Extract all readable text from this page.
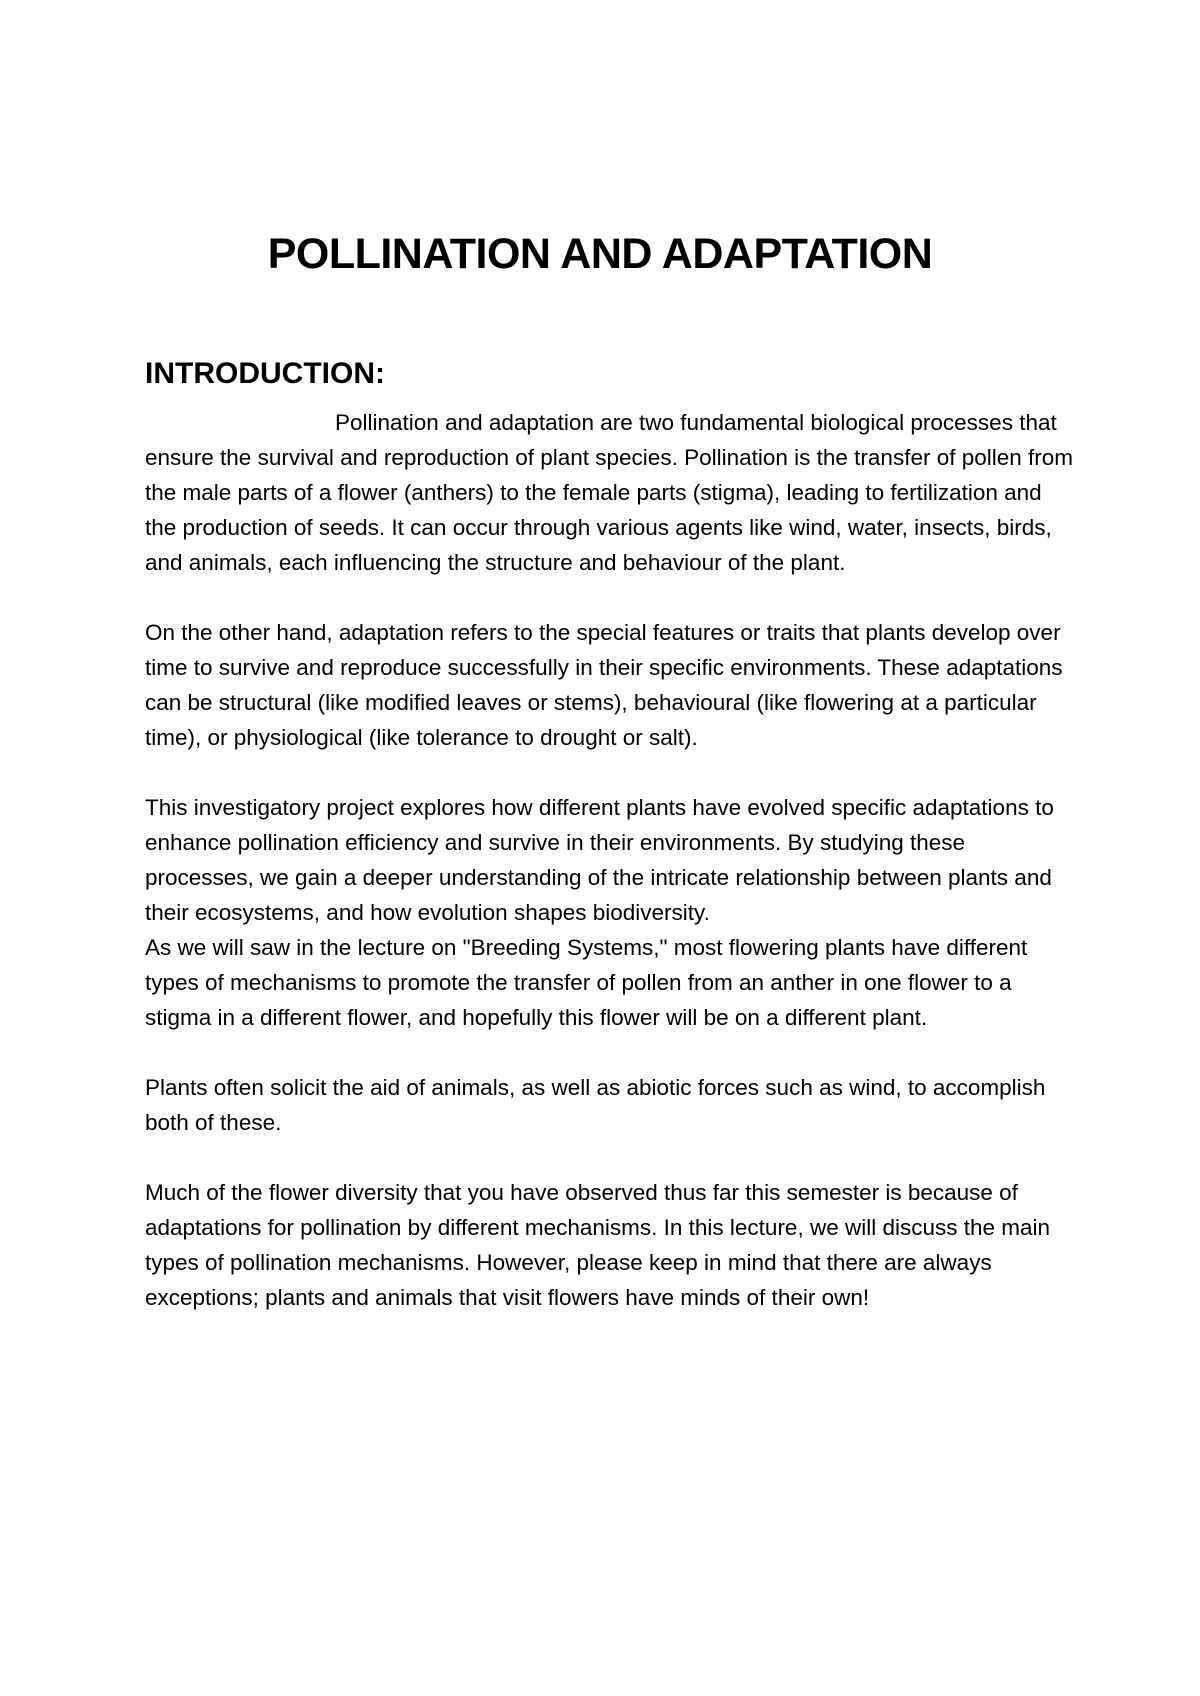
POLLINATION AND ADAPTATION
INTRODUCTION:

Pollination and adaptation are two fundamental biological processes that ensure the survival and reproduction of plant species. Pollination is the transfer of pollen from the male parts of a flower (anthers) to the female parts (stigma), leading to fertilization and the production of seeds. It can occur through various agents like wind, water, insects, birds, and animals, each influencing the structure and behaviour of the plant.

On the other hand, adaptation refers to the special features or traits that plants develop over time to survive and reproduce successfully in their specific environments. These adaptations can be structural (like modified leaves or stems), behavioural (like flowering at a particular time), or physiological (like tolerance to drought or salt).

This investigatory project explores how different plants have evolved specific adaptations to enhance pollination efficiency and survive in their environments. By studying these processes, we gain a deeper understanding of the intricate relationship between plants and their ecosystems, and how evolution shapes biodiversity.

As we will saw in the lecture on "Breeding Systems," most flowering plants have different types of mechanisms to promote the transfer of pollen from an anther in one flower to a stigma in a different flower, and hopefully this flower will be on a different plant.

Plants often solicit the aid of animals, as well as abiotic forces such as wind, to accomplish both of these.

Much of the flower diversity that you have observed thus far this semester is because of adaptations for pollination by different mechanisms. In this lecture, we will discuss the main types of pollination mechanisms. However, please keep in mind that there are always exceptions; plants and animals that visit flowers have minds of their own!
